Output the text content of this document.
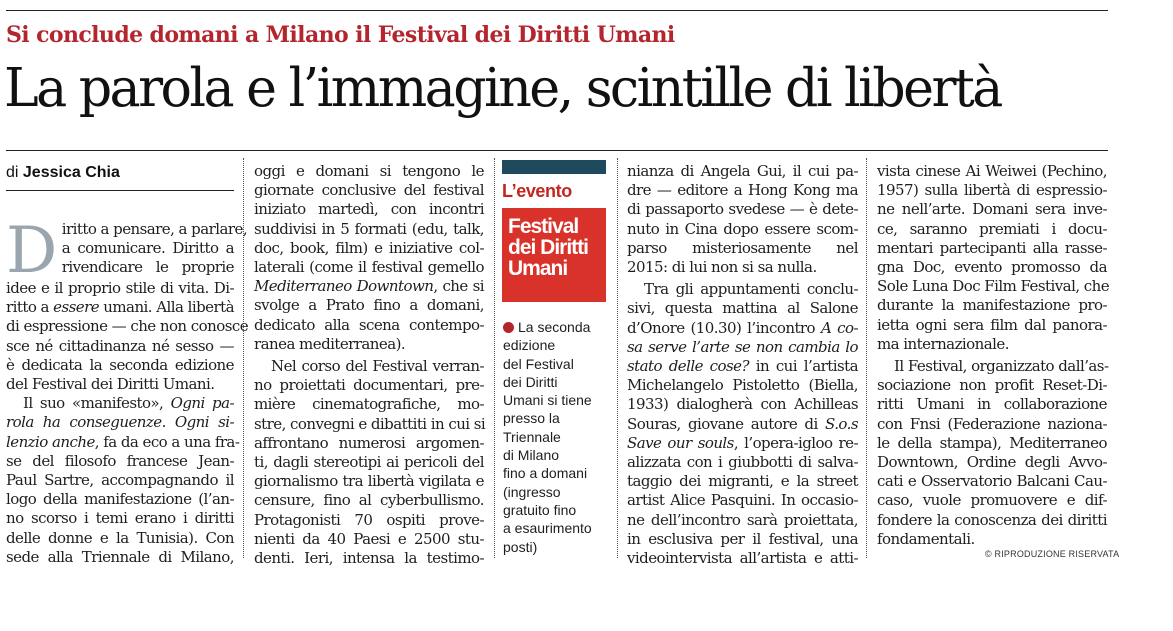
Si conclude domani a Milano il Festival dei Diritti Umani
La parola e l’immagine, scintille di libertà
di Jessica Chia
D iritto a pensare, a parlare,
a comunicare. Diritto a
rivendicare le proprie
idee e il proprio stile di vita. Di-
ritto a essere umani. Alla libertà
di espressione — che non conosce
sce né cittadinanza né sesso —
è dedicata la seconda edizione
del Festival dei Diritti Umani.
Il suo «manifesto», Ogni pa-
rola ha conseguenze. Ogni si-
lenzio anche, fa da eco a una fra-
se del filosofo francese Jean-
Paul Sartre, accompagnando il
logo della manifestazione (l’an-
no scorso i temi erano i diritti
delle donne e la Tunisia). Con
sede alla Triennale di Milano,
oggi e domani si tengono le
giornate conclusive del festival
iniziato martedì, con incontri
suddivisi in 5 formati (edu, talk,
doc, book, film) e iniziative col-
laterali (come il festival gemello
Mediterraneo Downtown, che si
svolge a Prato fino a domani,
dedicato alla scena contempo-
ranea mediterranea).
Nel corso del Festival verran-
no proiettati documentari, pre-
mière cinematografiche, mo-
stre, convegni e dibattiti in cui si
affrontano numerosi argomen-
ti, dagli stereotipi ai pericoli del
giornalismo tra libertà vigilata e
censure, fino al cyberbullismo.
Protagonisti 70 ospiti prove-
nienti da 40 Paesi e 2500 stu-
denti. Ieri, intensa la testimo-
L’evento
Festival
dei Diritti
Umani
La seconda
edizione
del Festival
dei Diritti
Umani si tiene
presso la
Triennale
di Milano
fino a domani
(ingresso
gratuito fino
a esaurimento
posti)
nianza di Angela Gui, il cui pa-
dre — editore a Hong Kong ma
di passaporto svedese — è dete-
nuto in Cina dopo essere scom-
parso misteriosamente nel
2015: di lui non si sa nulla.
Tra gli appuntamenti conclu-
sivi, questa mattina al Salone
d’Onore (10.30) l’incontro A co-
sa serve l’arte se non cambia lo
stato delle cose? in cui l’artista
Michelangelo Pistoletto (Biella,
1933) dialogherà con Achilleas
Souras, giovane autore di S.o.s
Save our souls, l’opera-igloo re-
alizzata con i giubbotti di salva-
taggio dei migranti, e la street
artist Alice Pasquini. In occasio-
ne dell’incontro sarà proiettata,
in esclusiva per il festival, una
videointervista all’artista e atti-
vista cinese Ai Weiwei (Pechino,
1957) sulla libertà di espressio-
ne nell’arte. Domani sera inve-
ce, saranno premiati i docu-
mentari partecipanti alla rasse-
gna Doc, evento promosso da
Sole Luna Doc Film Festival, che
durante la manifestazione pro-
ietta ogni sera film dal panora-
ma internazionale.
Il Festival, organizzato dall’as-
sociazione non profit Reset-Di-
ritti Umani in collaborazione
con Fnsi (Federazione naziona-
le della stampa), Mediterraneo
Downtown, Ordine degli Avvo-
cati e Osservatorio Balcani Cau-
caso, vuole promuovere e dif-
fondere la conoscenza dei diritti
fondamentali.
© RIPRODUZIONE RISERVATA
